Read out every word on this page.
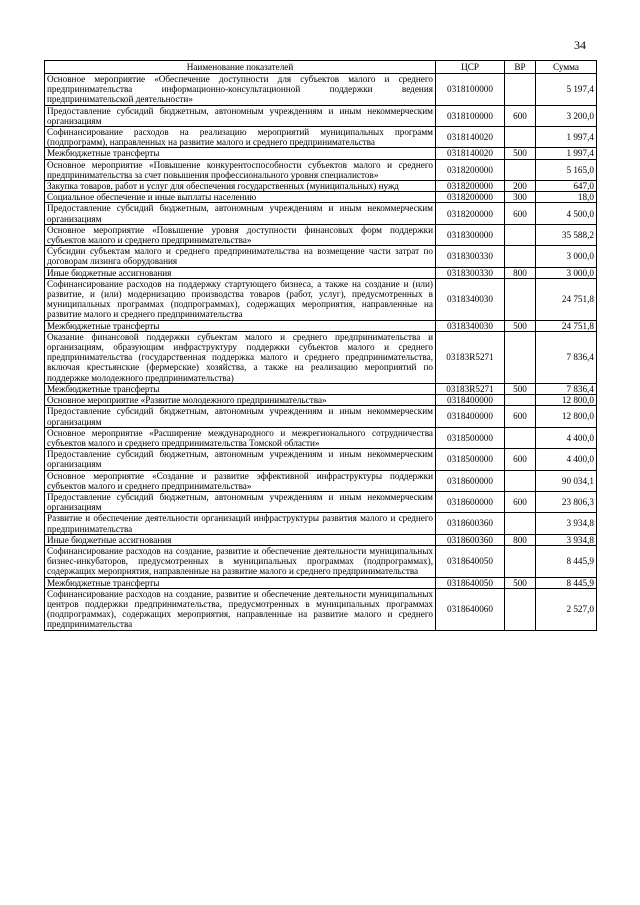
34
Наименование показателей	ЦСР	ВР	Сумма
Основное мероприятие «Обеспечение доступности для субъектов малого и среднего предпринимательства информационно-консультационной поддержки ведения предпринимательской деятельности»	0318100000		5 197,4
Предоставление субсидий бюджетным, автономным учреждениям и иным некоммерческим организациям	0318100000	600	3 200,0
Софинансирование расходов на реализацию мероприятий муниципальных программ (подпрограмм), направленных на развитие малого и среднего предпринимательства	0318140020		1 997,4
Межбюджетные трансферты	0318140020	500	1 997,4
Основное мероприятие «Повышение конкурентоспособности субъектов малого и среднего предпринимательства за счет повышения профессионального уровня специалистов»	0318200000		5 165,0
Закупка товаров, работ и услуг для обеспечения государственных (муниципальных) нужд	0318200000	200	647,0
Социальное обеспечение и иные выплаты населению	0318200000	300	18,0
Предоставление субсидий бюджетным, автономным учреждениям и иным некоммерческим организациям	0318200000	600	4 500,0
Основное мероприятие «Повышение уровня доступности финансовых форм поддержки субъектов малого и среднего предпринимательства»	0318300000		35 588,2
Субсидии субъектам малого и среднего предпринимательства на возмещение части затрат по договорам лизинга оборудования	0318300330		3 000,0
Иные бюджетные ассигнования	0318300330	800	3 000,0
Софинансирование расходов на поддержку стартующего бизнеса, а также на создание и (или) развитие, и (или) модернизацию производства товаров (работ, услуг), предусмотренных в муниципальных программах (подпрограммах), содержащих мероприятия, направленные на развитие малого и среднего предпринимательства	0318340030		24 751,8
Межбюджетные трансферты	0318340030	500	24 751,8
Оказание финансовой поддержки субъектам малого и среднего предпринимательства и организациям, образующим инфраструктуру поддержки субъектов малого и среднего предпринимательства (государственная поддержка малого и среднего предпринимательства, включая крестьянские (фермерские) хозяйства, а также на реализацию мероприятий по поддержке молодежного предпринимательства)	03183R5271		7 836,4
Межбюджетные трансферты	03183R5271	500	7 836,4
Основное мероприятие «Развитие молодежного предпринимательства»	0318400000		12 800,0
Предоставление субсидий бюджетным, автономным учреждениям и иным некоммерческим организациям	0318400000	600	12 800,0
Основное мероприятие «Расширение международного и межрегионального сотрудничества субъектов малого и среднего предпринимательства Томской области»	0318500000		4 400,0
Предоставление субсидий бюджетным, автономным учреждениям и иным некоммерческим организациям	0318500000	600	4 400,0
Основное мероприятие «Создание и развитие эффективной инфраструктуры поддержки субъектов малого и среднего предпринимательства»	0318600000		90 034,1
Предоставление субсидий бюджетным, автономным учреждениям и иным некоммерческим организациям	0318600000	600	23 806,3
Развитие и обеспечение деятельности организаций инфраструктуры развития малого и среднего предпринимательства	0318600360		3 934,8
Иные бюджетные ассигнования	0318600360	800	3 934,8
Софинансирование расходов на создание, развитие и обеспечение деятельности муниципальных бизнес-инкубаторов, предусмотренных в муниципальных программах (подпрограммах), содержащих мероприятия, направленные на развитие малого и среднего предпринимательства	0318640050		8 445,9
Межбюджетные трансферты	0318640050	500	8 445,9
Софинансирование расходов на создание, развитие и обеспечение деятельности муниципальных центров поддержки предпринимательства, предусмотренных в муниципальных программах (подпрограммах), содержащих мероприятия, направленные на развитие малого и среднего предпринимательства	0318640060		2 527,0
